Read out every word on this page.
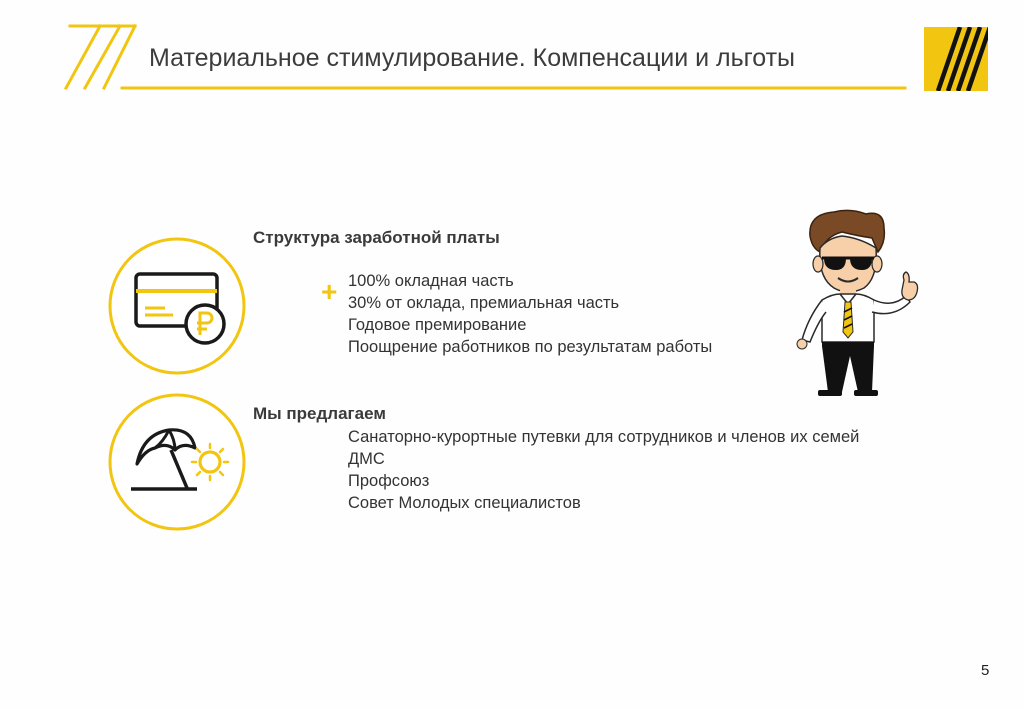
Материальное стимулирование. Компенсации и льготы
Структура заработной платы
+ 100% окладная часть
30% от оклада, премиальная часть
Годовое премирование
Поощрение работников по результатам работы
Мы предлагаем
Санаторно-курортные путевки для сотрудников и членов их семей
ДМС
Профсоюз
Совет Молодых специалистов
5
